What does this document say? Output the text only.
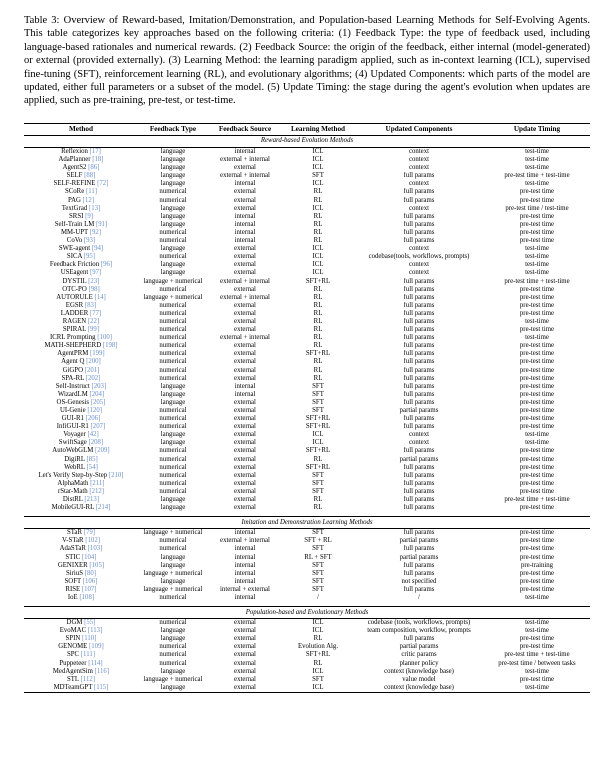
Table 3: Overview of Reward-based, Imitation/Demonstration, and Population-based Learning Methods for Self-Evolving Agents. This table categorizes key approaches based on the following criteria: (1) Feedback Type: the type of feedback used, including language-based rationales and numerical rewards. (2) Feedback Source: the origin of the feedback, either internal (model-generated) or external (provided externally). (3) Learning Method: the learning paradigm applied, such as in-context learning (ICL), supervised fine-tuning (SFT), reinforcement learning (RL), and evolutionary algorithms; (4) Updated Components: which parts of the model are updated, either full parameters or a subset of the model. (5) Update Timing: the stage during the agent's evolution when updates are applied, such as pre-training, pre-test, or test-time.
Method	Feedback Type	Feedback Source	Learning Method	Updated Components	Update Timing
Reward-based Evolution Methods					
Reflexion [17]	language	internal	ICL	context	test-time
AdaPlanner [18]	language	external + internal	ICL	context	test-time
AgentS2 [86]	language	external	ICL	context	test-time
SELF [88]	language	external + internal	SFT	full params	pre-test time + test-time
SELF-REFINE [72]	language	internal	ICL	context	test-time
SCoRe [11]	numerical	external	RL	full params	pre-test time
PAG [12]	numerical	external	RL	full params	pre-test time
TextGrad [13]	language	external	ICL	context	pre-test time / test-time
SRSI [9]	language	internal	RL	full params	pre-test time
Self-Train LM [91]	language	internal	RL	full params	pre-test time
MM-UPT [92]	numerical	internal	RL	full params	pre-test time
CoVo [93]	numerical	internal	RL	full params	pre-test time
SWE-agent [94]	language	external	ICL	context	test-time
SICA [95]	numerical	external	ICL	codebase(tools, workflows, prompts)	test-time
Feedback Friction [96]	language	external	ICL	context	test-time
USEagent [97]	language	external	ICL	context	test-time
DYSTIL [23]	language + numerical	external + internal	SFT+RL	full params	pre-test time + test-time
OTC-PO [98]	numerical	external	RL	full params	pre-test time
AUTORULE [14]	language + numerical	external + internal	RL	full params	pre-test time
EGSR [83]	numerical	external	RL	full params	pre-test time
LADDER [77]	numerical	external	RL	full params	pre-test time
RAGEN [22]	numerical	external	RL	full params	test-time
SPIRAL [99]	numerical	external	RL	full params	pre-test time
ICRL Prompting [100]	numerical	external + internal	RL	full params	test-time
MATH-SHEPHERD [198]	numerical	external	RL	full params	pre-test time
AgentPRM [199]	numerical	external	SFT+RL	full params	pre-test time
Agent Q [200]	numerical	external	RL	full params	pre-test time
GiGPO [201]	numerical	external	RL	full params	pre-test time
SPA-RL [202]	numerical	external	RL	full params	pre-test time
Self-Instruct [203]	language	internal	SFT	full params	pre-test time
WizardLM [204]	language	internal	SFT	full params	pre-test time
OS-Genesis [205]	language	external	SFT	full params	pre-test time
UI-Genie [120]	numerical	external	SFT	partial params	pre-test time
GUI-R1 [206]	numerical	external	SFT+RL	full params	pre-test time
InfiGUI-R1 [207]	numerical	external	SFT+RL	full params	pre-test time
Voyager [42]	language	external	ICL	context	test-time
SwiftSage [208]	language	external	ICL	context	test-time
AutoWebGLM [209]	numerical	external	SFT+RL	full params	pre-test time
DigiRL [85]	numerical	external	RL	partial params	pre-test time
WebRL [54]	numerical	external	SFT+RL	full params	pre-test time
Let's Verify Step-by-Step [210]	numerical	external	SFT	full params	pre-test time
AlphaMath [211]	numerical	external	SFT	full params	pre-test time
rStar-Math [212]	numerical	external	SFT	full params	pre-test time
DistRL [213]	language	external	RL	full params	pre-test time + test-time
MobileGUI-RL [214]	language	external	RL	full params	pre-test time

Imitation and Demonstration Learning Methods					
STaR [79]	language + numerical	internal	SFT	full params	pre-test time
V-STaR [102]	numerical	external + internal	SFT + RL	partial params	pre-test time
AdaSTaR [103]	numerical	internal	SFT	full params	pre-test time
STIC [104]	language	internal	RL + SFT	partial params	pre-test time
GENIXER [105]	language	internal	SFT	full params	pre-training
SiriuS [80]	language + numerical	internal	SFT	full params	pre-test time
SOFT [106]	language	internal	SFT	not specified	pre-test time
RISE [107]	language + numerical	internal + external	SFT	full params	pre-test time
IoE [108]	numerical	internal	/	/	test-time

Population-based and Evolutionary Methods					
DGM [55]	numerical	external	ICL	codebase (tools, workflows, prompts)	test-time
EvoMAC [113]	language	external	ICL	team composition, workflow, prompts	test-time
SPIN [110]	language	external	RL	full params	pre-test time
GENOME [109]	numerical	external	Evolution Alg.	partial params	pre-test time
SPC [111]	numerical	external	SFT+RL	critic params	pre-test time + test-time
Puppeteer [114]	numerical	external	RL	planner policy	pre-test time / between tasks
MedAgentSim [116]	language	external	ICL	context (knowledge base)	test-time
STL [112]	language + numerical	external	SFT	value model	pre-test time
MDTeamGPT [115]	language	external	ICL	context (knowledge base)	test-time
